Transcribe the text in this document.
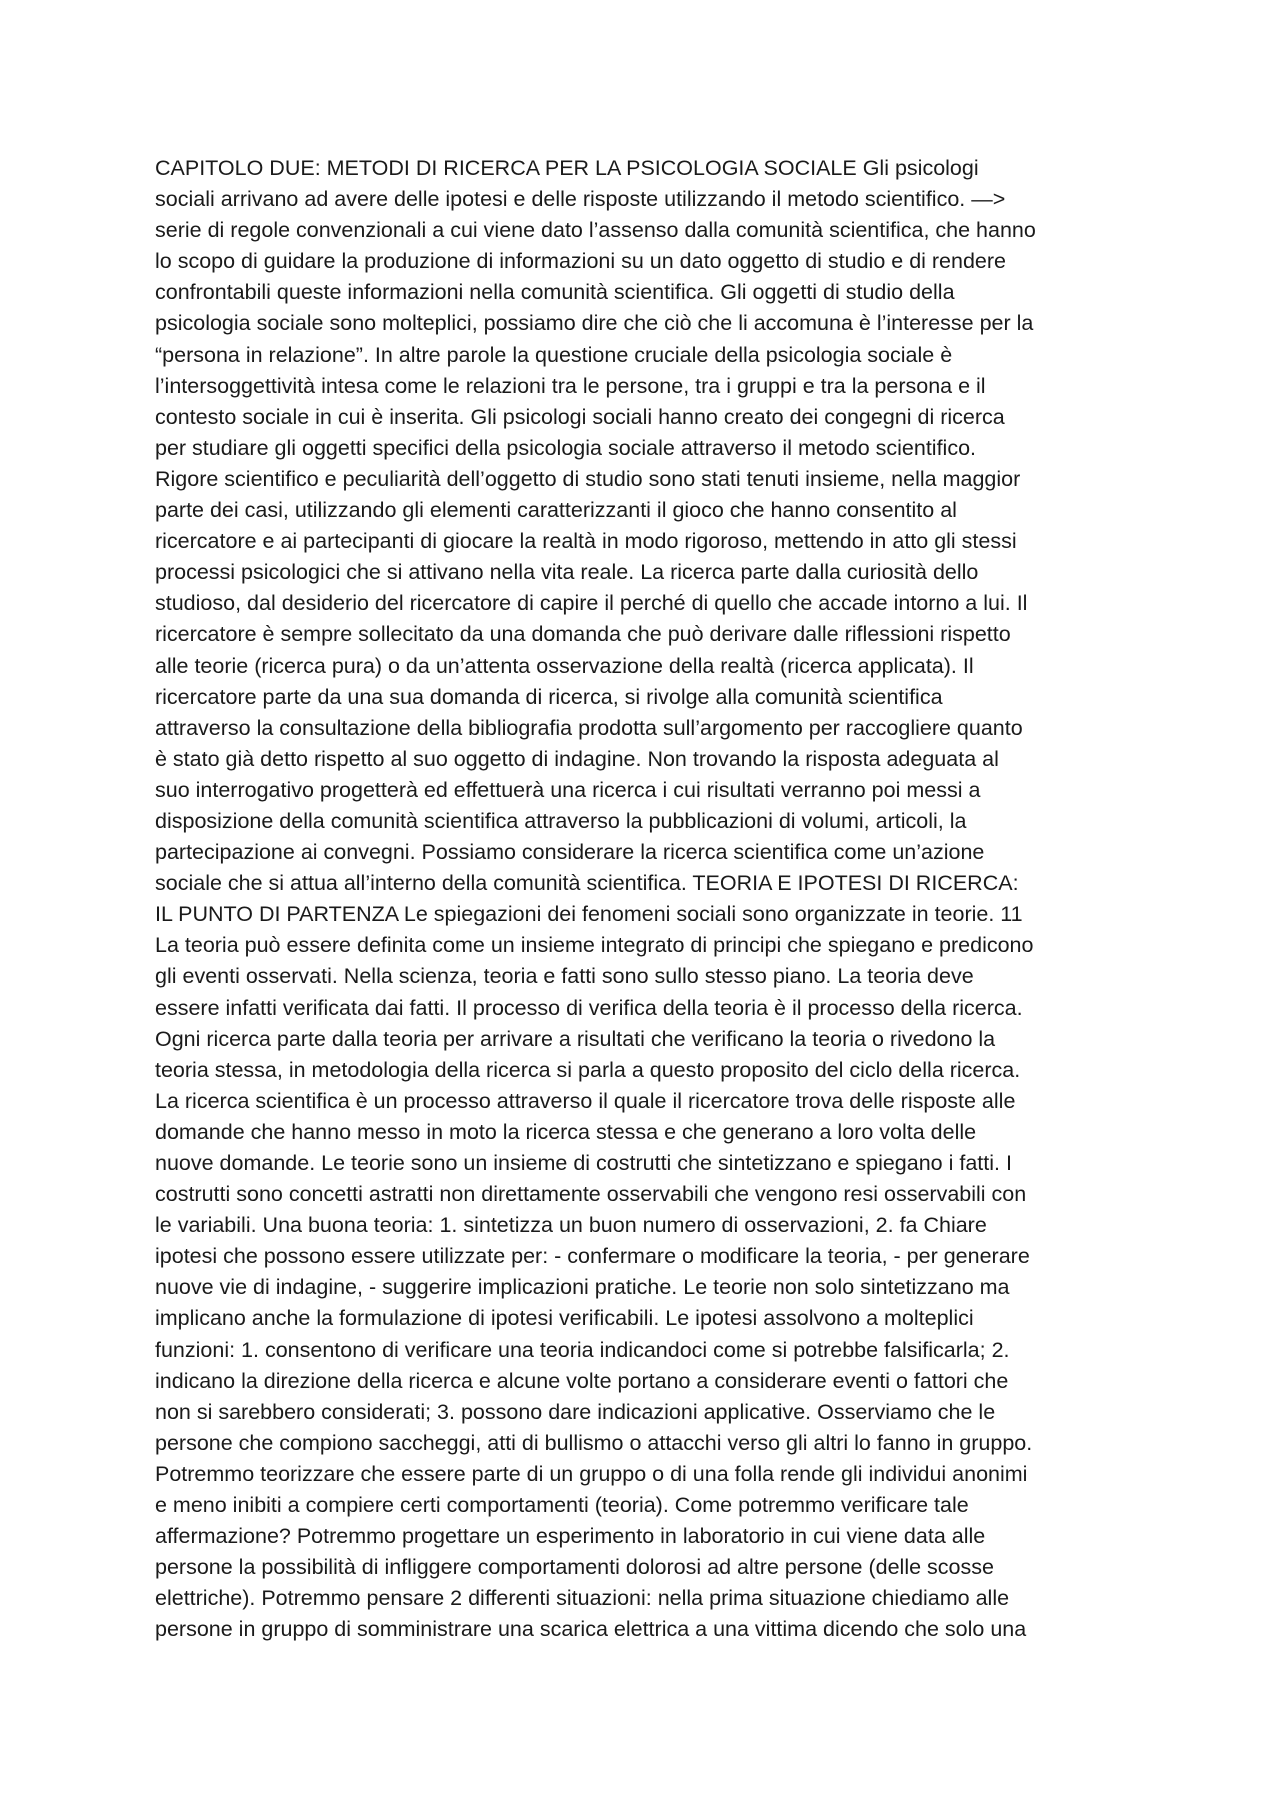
CAPITOLO DUE: METODI DI RICERCA PER LA PSICOLOGIA SOCIALE Gli psicologi
sociali arrivano ad avere delle ipotesi e delle risposte utilizzando il metodo scientifico. —>
serie di regole convenzionali a cui viene dato l’assenso dalla comunità scientifica, che hanno
lo scopo di guidare la produzione di informazioni su un dato oggetto di studio e di rendere
confrontabili queste informazioni nella comunità scientifica. Gli oggetti di studio della
psicologia sociale sono molteplici, possiamo dire che ciò che li accomuna è l’interesse per la
“persona in relazione”. In altre parole la questione cruciale della psicologia sociale è
l’intersoggettività intesa come le relazioni tra le persone, tra i gruppi e tra la persona e il
contesto sociale in cui è inserita. Gli psicologi sociali hanno creato dei congegni di ricerca
per studiare gli oggetti specifici della psicologia sociale attraverso il metodo scientifico.
Rigore scientifico e peculiarità dell’oggetto di studio sono stati tenuti insieme, nella maggior
parte dei casi, utilizzando gli elementi caratterizzanti il gioco che hanno consentito al
ricercatore e ai partecipanti di giocare la realtà in modo rigoroso, mettendo in atto gli stessi
processi psicologici che si attivano nella vita reale. La ricerca parte dalla curiosità dello
studioso, dal desiderio del ricercatore di capire il perché di quello che accade intorno a lui. Il
ricercatore è sempre sollecitato da una domanda che può derivare dalle riflessioni rispetto
alle teorie (ricerca pura) o da un’attenta osservazione della realtà (ricerca applicata). Il
ricercatore parte da una sua domanda di ricerca, si rivolge alla comunità scientifica
attraverso la consultazione della bibliografia prodotta sull’argomento per raccogliere quanto
è stato già detto rispetto al suo oggetto di indagine. Non trovando la risposta adeguata al
suo interrogativo progetterà ed effettuerà una ricerca i cui risultati verranno poi messi a
disposizione della comunità scientifica attraverso la pubblicazioni di volumi, articoli, la
partecipazione ai convegni. Possiamo considerare la ricerca scientifica come un’azione
sociale che si attua all’interno della comunità scientifica. TEORIA E IPOTESI DI RICERCA:
IL PUNTO DI PARTENZA Le spiegazioni dei fenomeni sociali sono organizzate in teorie. 11
La teoria può essere definita come un insieme integrato di principi che spiegano e predicono
gli eventi osservati. Nella scienza, teoria e fatti sono sullo stesso piano. La teoria deve
essere infatti verificata dai fatti. Il processo di verifica della teoria è il processo della ricerca.
Ogni ricerca parte dalla teoria per arrivare a risultati che verificano la teoria o rivedono la
teoria stessa, in metodologia della ricerca si parla a questo proposito del ciclo della ricerca.
La ricerca scientifica è un processo attraverso il quale il ricercatore trova delle risposte alle
domande che hanno messo in moto la ricerca stessa e che generano a loro volta delle
nuove domande. Le teorie sono un insieme di costrutti che sintetizzano e spiegano i fatti. I
costrutti sono concetti astratti non direttamente osservabili che vengono resi osservabili con
le variabili. Una buona teoria: 1. sintetizza un buon numero di osservazioni, 2. fa Chiare
ipotesi che possono essere utilizzate per: - confermare o modificare la teoria, - per generare
nuove vie di indagine, - suggerire implicazioni pratiche. Le teorie non solo sintetizzano ma
implicano anche la formulazione di ipotesi verificabili. Le ipotesi assolvono a molteplici
funzioni: 1. consentono di verificare una teoria indicandoci come si potrebbe falsificarla; 2.
indicano la direzione della ricerca e alcune volte portano a considerare eventi o fattori che
non si sarebbero considerati; 3. possono dare indicazioni applicative. Osserviamo che le
persone che compiono saccheggi, atti di bullismo o attacchi verso gli altri lo fanno in gruppo.
Potremmo teorizzare che essere parte di un gruppo o di una folla rende gli individui anonimi
e meno inibiti a compiere certi comportamenti (teoria). Come potremmo verificare tale
affermazione? Potremmo progettare un esperimento in laboratorio in cui viene data alle
persone la possibilità di infliggere comportamenti dolorosi ad altre persone (delle scosse
elettriche). Potremmo pensare 2 differenti situazioni: nella prima situazione chiediamo alle
persone in gruppo di somministrare una scarica elettrica a una vittima dicendo che solo una
